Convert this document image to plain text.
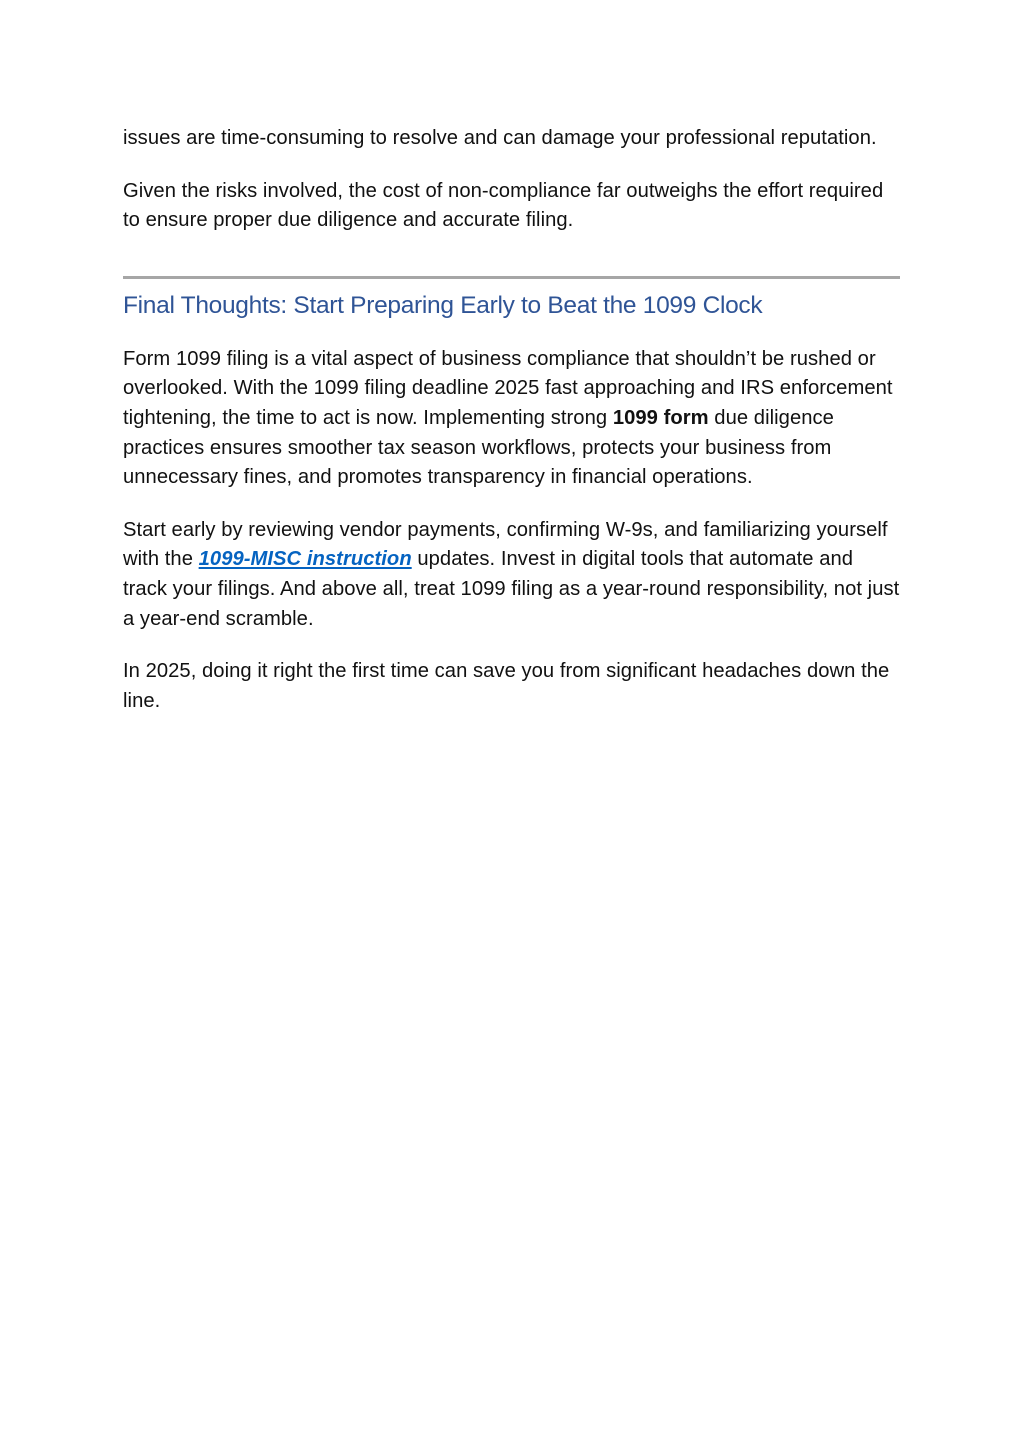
issues are time-consuming to resolve and can damage your professional reputation.

Given the risks involved, the cost of non-compliance far outweighs the effort required to ensure proper due diligence and accurate filing.

Final Thoughts: Start Preparing Early to Beat the 1099 Clock

Form 1099 filing is a vital aspect of business compliance that shouldn’t be rushed or overlooked. With the 1099 filing deadline 2025 fast approaching and IRS enforcement tightening, the time to act is now. Implementing strong 1099 form due diligence practices ensures smoother tax season workflows, protects your business from unnecessary fines, and promotes transparency in financial operations.

Start early by reviewing vendor payments, confirming W-9s, and familiarizing yourself with the 1099-MISC instruction updates. Invest in digital tools that automate and track your filings. And above all, treat 1099 filing as a year-round responsibility, not just a year-end scramble.

In 2025, doing it right the first time can save you from significant headaches down the line.
